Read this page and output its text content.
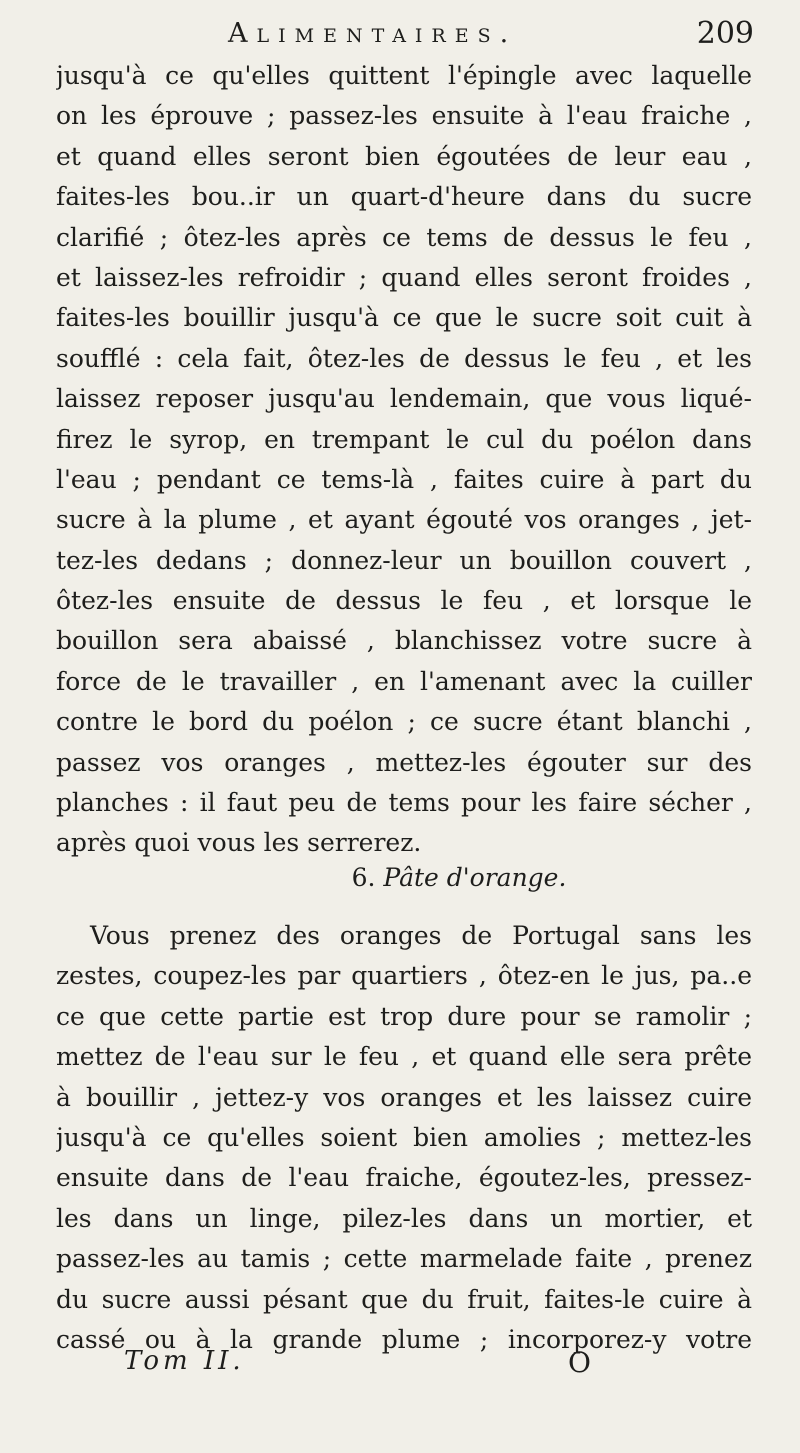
Alimentaires.	209
jusqu'à ce qu'elles quittent l'épingle avec laquelle
on les éprouve ; passez-les ensuite à l'eau fraiche ,
et quand elles seront bien égoutées de leur eau ,
faites-les bou..ir un quart-d'heure dans du sucre
clarifié ; ôtez-les après ce tems de dessus le feu ,
et laissez-les refroidir ; quand elles seront froides ,
faites-les bouillir jusqu'à ce que le sucre soit cuit à
soufflé : cela fait, ôtez-les de dessus le feu , et les
laissez reposer jusqu'au lendemain, que vous liqué-
firez le syrop, en trempant le cul du poélon dans
l'eau ; pendant ce tems-là , faites cuire à part du
sucre à la plume , et ayant égouté vos oranges , jet-
tez-les dedans ; donnez-leur un bouillon couvert ,
ôtez-les ensuite de dessus le feu , et lorsque le
bouillon sera abaissé , blanchissez votre sucre à
force de le travailler , en l'amenant avec la cuiller
contre le bord du poélon ; ce sucre étant blanchi ,
passez vos oranges , mettez-les égouter sur des
planches : il faut peu de tems pour les faire sécher ,
après quoi vous les serrerez.
6. Pâte d'orange.
Vous prenez des oranges de Portugal sans les
zestes, coupez-les par quartiers , ôtez-en le jus, pa..e
ce que cette partie est trop dure pour se ramolir ;
mettez de l'eau sur le feu , et quand elle sera prête
à bouillir , jettez-y vos oranges et les laissez cuire
jusqu'à ce qu'elles soient bien amolies ; mettez-les
ensuite dans de l'eau fraiche, égoutez-les, pressez-
les dans un linge, pilez-les dans un mortier, et
passez-les au tamis ; cette marmelade faite , prenez
du sucre aussi pésant que du fruit, faites-le cuire à
cassé ou à la grande plume ; incorporez-y votre
Tom II.	O
